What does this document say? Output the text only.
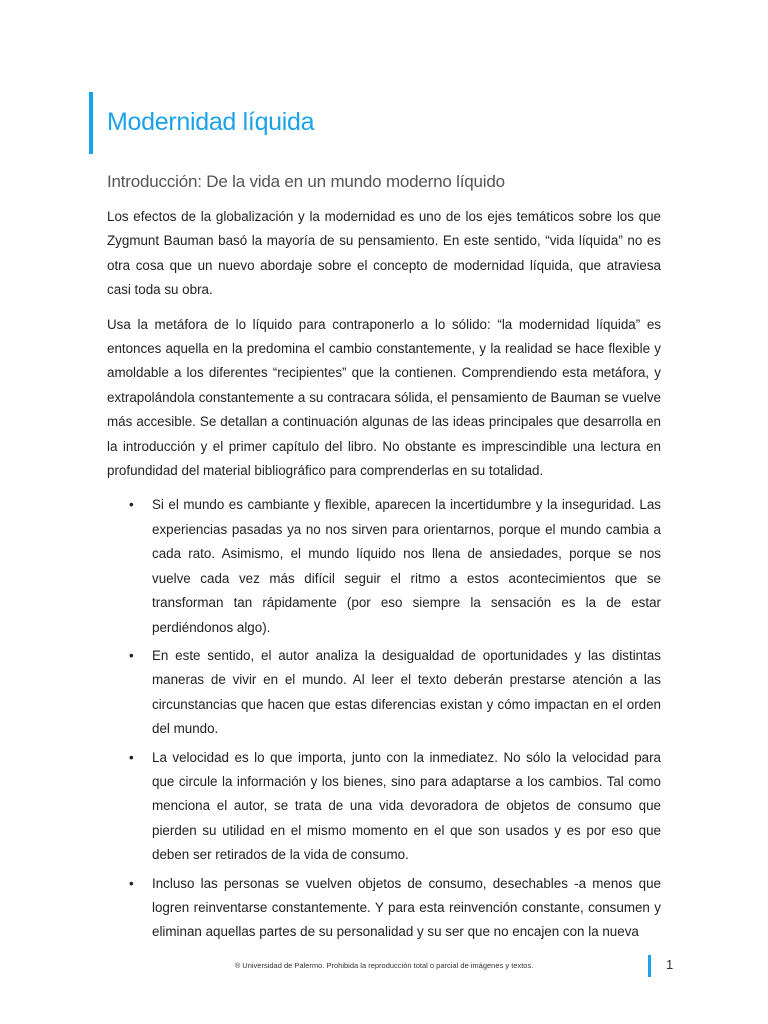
Modernidad líquida
Introducción: De la vida en un mundo moderno líquido

Los efectos de la globalización y la modernidad es uno de los ejes temáticos sobre los que Zygmunt Bauman basó la mayoría de su pensamiento. En este sentido, “vida líquida” no es otra cosa que un nuevo abordaje sobre el concepto de modernidad líquida, que atraviesa casi toda su obra.

Usa la metáfora de lo líquido para contraponerlo a lo sólido: “la modernidad líquida” es entonces aquella en la predomina el cambio constantemente, y la realidad se hace flexible y amoldable a los diferentes “recipientes” que la contienen. Comprendiendo esta metáfora, y extrapolándola constantemente a su contracara sólida, el pensamiento de Bauman se vuelve más accesible. Se detallan a continuación algunas de las ideas principales que desarrolla en la introducción y el primer capítulo del libro. No obstante es imprescindible una lectura en profundidad del material bibliográfico para comprenderlas en su totalidad.

• Si el mundo es cambiante y flexible, aparecen la incertidumbre y la inseguridad. Las experiencias pasadas ya no nos sirven para orientarnos, porque el mundo cambia a cada rato. Asimismo, el mundo líquido nos llena de ansiedades, porque se nos vuelve cada vez más difícil seguir el ritmo a estos acontecimientos que se transforman tan rápidamente (por eso siempre la sensación es la de estar perdiéndonos algo).
• En este sentido, el autor analiza la desigualdad de oportunidades y las distintas maneras de vivir en el mundo. Al leer el texto deberán prestarse atención a las circunstancias que hacen que estas diferencias existan y cómo impactan en el orden del mundo.
• La velocidad es lo que importa, junto con la inmediatez. No sólo la velocidad para que circule la información y los bienes, sino para adaptarse a los cambios. Tal como menciona el autor, se trata de una vida devoradora de objetos de consumo que pierden su utilidad en el mismo momento en el que son usados y es por eso que deben ser retirados de la vida de consumo.
• Incluso las personas se vuelven objetos de consumo, desechables -a menos que logren reinventarse constantemente. Y para esta reinvención constante, consumen y eliminan aquellas partes de su personalidad y su ser que no encajen con la nueva
® Universidad de Palermo. Prohibida la reproducción total o parcial de imágenes y textos.	1
